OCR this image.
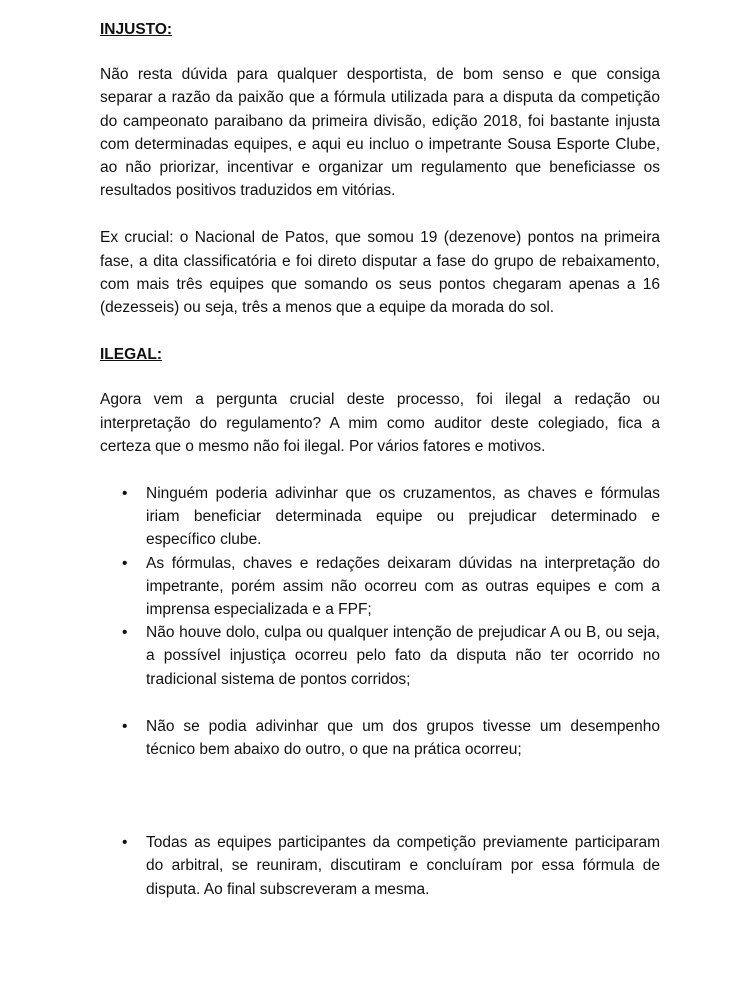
INJUSTO:

Não resta dúvida para qualquer desportista, de bom senso e que consiga separar a razão da paixão que a fórmula utilizada para a disputa da competição do campeonato paraibano da primeira divisão, edição 2018, foi bastante injusta com determinadas equipes, e aqui eu incluo o impetrante Sousa Esporte Clube, ao não priorizar, incentivar e organizar um regulamento que beneficiasse os resultados positivos traduzidos em vitórias.

Ex crucial: o Nacional de Patos, que somou 19 (dezenove) pontos na primeira fase, a dita classificatória e foi direto disputar a fase do grupo de rebaixamento, com mais três equipes que somando os seus pontos chegaram apenas a 16 (dezesseis) ou seja, três a menos que a equipe da morada do sol.

ILEGAL:

Agora vem a pergunta crucial deste processo, foi ilegal a redação ou interpretação do regulamento? A mim como auditor deste colegiado, fica a certeza que o mesmo não foi ilegal. Por vários fatores e motivos.

• Ninguém poderia adivinhar que os cruzamentos, as chaves e fórmulas iriam beneficiar determinada equipe ou prejudicar determinado e específico clube.
• As fórmulas, chaves e redações deixaram dúvidas na interpretação do impetrante, porém assim não ocorreu com as outras equipes e com a imprensa especializada e a FPF;
• Não houve dolo, culpa ou qualquer intenção de prejudicar A ou B, ou seja, a possível injustiça ocorreu pelo fato da disputa não ter ocorrido no tradicional sistema de pontos corridos;
• Não se podia adivinhar que um dos grupos tivesse um desempenho técnico bem abaixo do outro, o que na prática ocorreu;
• Todas as equipes participantes da competição previamente participaram do arbitral, se reuniram, discutiram e concluíram por essa fórmula de disputa. Ao final subscreveram a mesma.
